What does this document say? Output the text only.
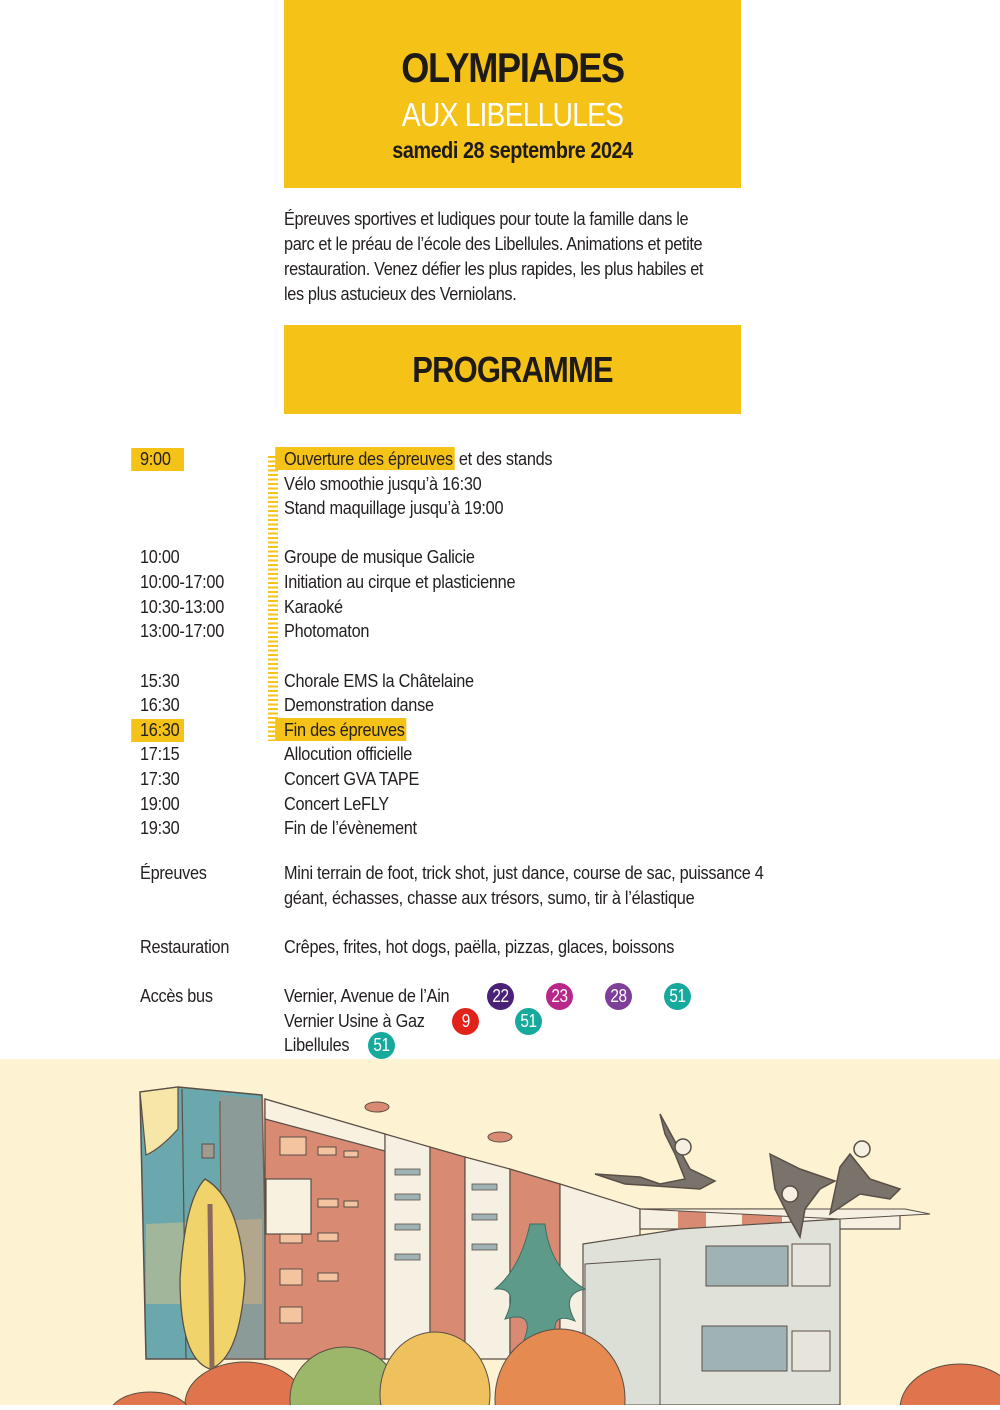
OLYMPIADES
AUX LIBELLULES
samedi 28 septembre 2024
Épreuves sportives et ludiques pour toute la famille dans le
parc et le préau de l’école des Libellules. Animations et petite
restauration. Venez défier les plus rapides, les plus habiles et
les plus astucieux des Verniolans.
PROGRAMME
9:00	Ouverture des épreuves et des stands
Vélo smoothie jusqu’à 16:30
Stand maquillage jusqu’à 19:00
10:00	Groupe de musique Galicie
10:00-17:00	Initiation au cirque et plasticienne
10:30-13:00	Karaoké
13:00-17:00	Photomaton
15:30	Chorale EMS la Châtelaine
16:30	Demonstration danse
16:30	Fin des épreuves
17:15	Allocution officielle
17:30	Concert GVA TAPE
19:00	Concert LeFLY
19:30	Fin de l’évènement
Épreuves	Mini terrain de foot, trick shot, just dance, course de sac, puissance 4
géant, échasses, chasse aux trésors, sumo, tir à l’élastique
Restauration	Crêpes, frites, hot dogs, paëlla, pizzas, glaces, boissons
Accès bus	Vernier, Avenue de l’Ain	22	23	28	51
Vernier Usine à Gaz	9	51
Libellules	51
